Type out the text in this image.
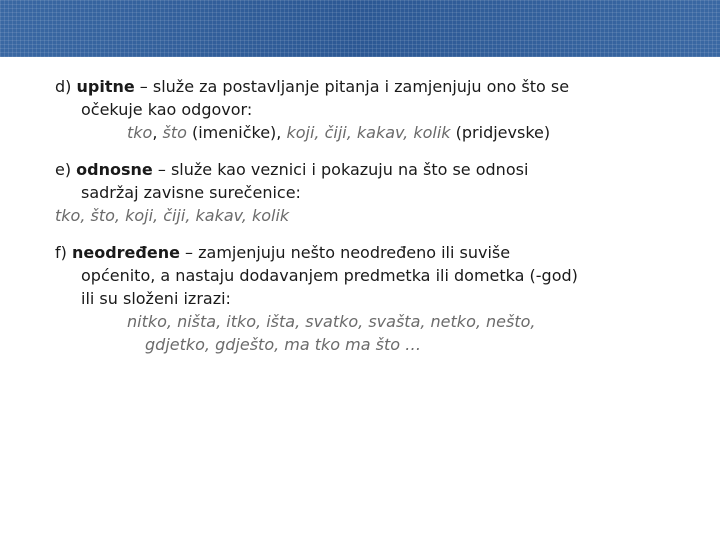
d) upitne – služe za postavljanje pitanja i zamjenjuju ono što se
očekuje kao odgovor:
tko, što (imeničke), koji, čiji, kakav, kolik (pridjevske)
e) odnosne – služe kao veznici i pokazuju na što se odnosi
sadržaj zavisne surečenice:
tko, što, koji, čiji, kakav, kolik
f) neodređene – zamjenjuju nešto neodređeno ili suviše
općenito, a nastaju dodavanjem predmetka ili dometka (-god)
ili su složeni izrazi:
nitko, ništa, itko, išta, svatko, svašta, netko, nešto,
gdjetko, gdješto, ma tko ma što …
